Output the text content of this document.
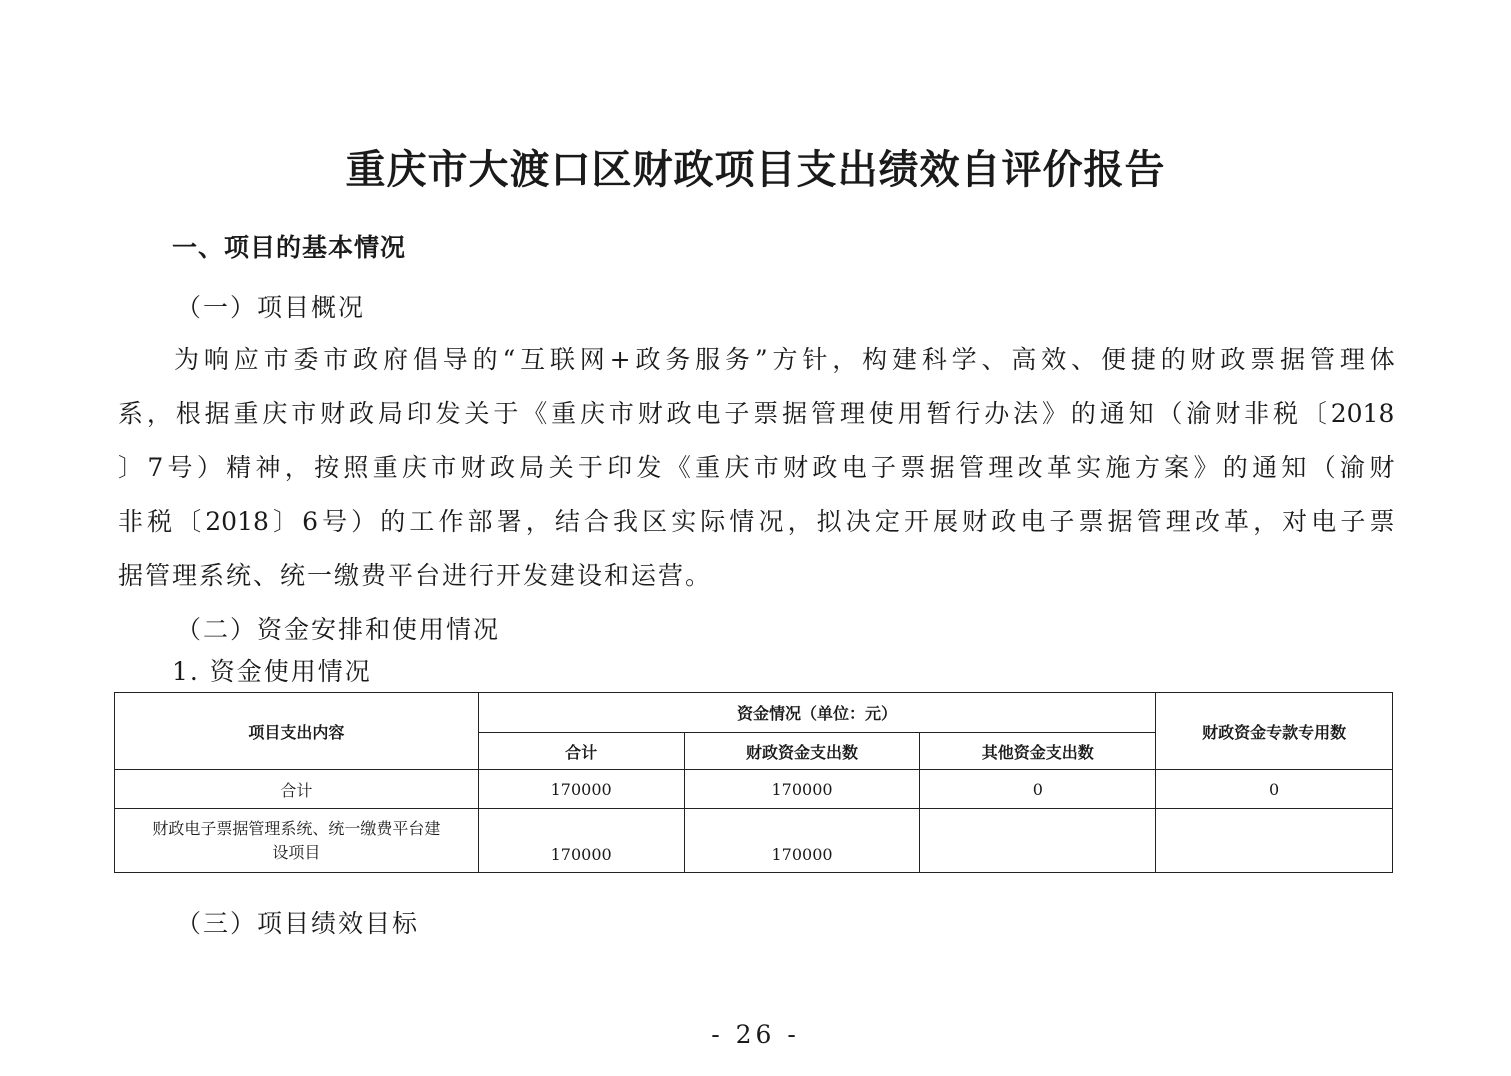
重庆市大渡口区财政项目支出绩效自评价报告
一、项目的基本情况
（一）项目概况
为 响 应 市 委 市 政 府 倡 导 的 “ 互 联 网 + 政 务 服 务 ” 方 针 ， 构 建 科 学 、 高 效 、 便 捷 的 财 政 票 据 管 理 体
系 ， 根 据 重 庆 市 财 政 局 印 发 关 于 《 重 庆 市 财 政 电 子 票 据 管 理 使 用 暂 行 办 法 》 的 通 知 （ 渝 财 非 税 〔 2018
〕 7 号 ） 精 神 ， 按 照 重 庆 市 财 政 局 关 于 印 发 《 重 庆 市 财 政 电 子 票 据 管 理 改 革 实 施 方 案 》 的 通 知 （ 渝 财
非 税 〔 2018 〕 6 号 ） 的 工 作 部 署 ， 结 合 我 区 实 际 情 况 ， 拟 决 定 开 展 财 政 电 子 票 据 管 理 改 革 ， 对 电 子 票
据管理系统、统一缴费平台进行开发建设和运营。
（二）资金安排和使用情况
1. 资金使用情况
项目支出内容	资金情况（单位：元）			财政资金专款专用数
	合计	财政资金支出数	其他资金支出数	
合计	170000	170000	0	0
财政电子票据管理系统、统一缴费平台建设项目	170000	170000		
（三）项目绩效目标
- 26 -
